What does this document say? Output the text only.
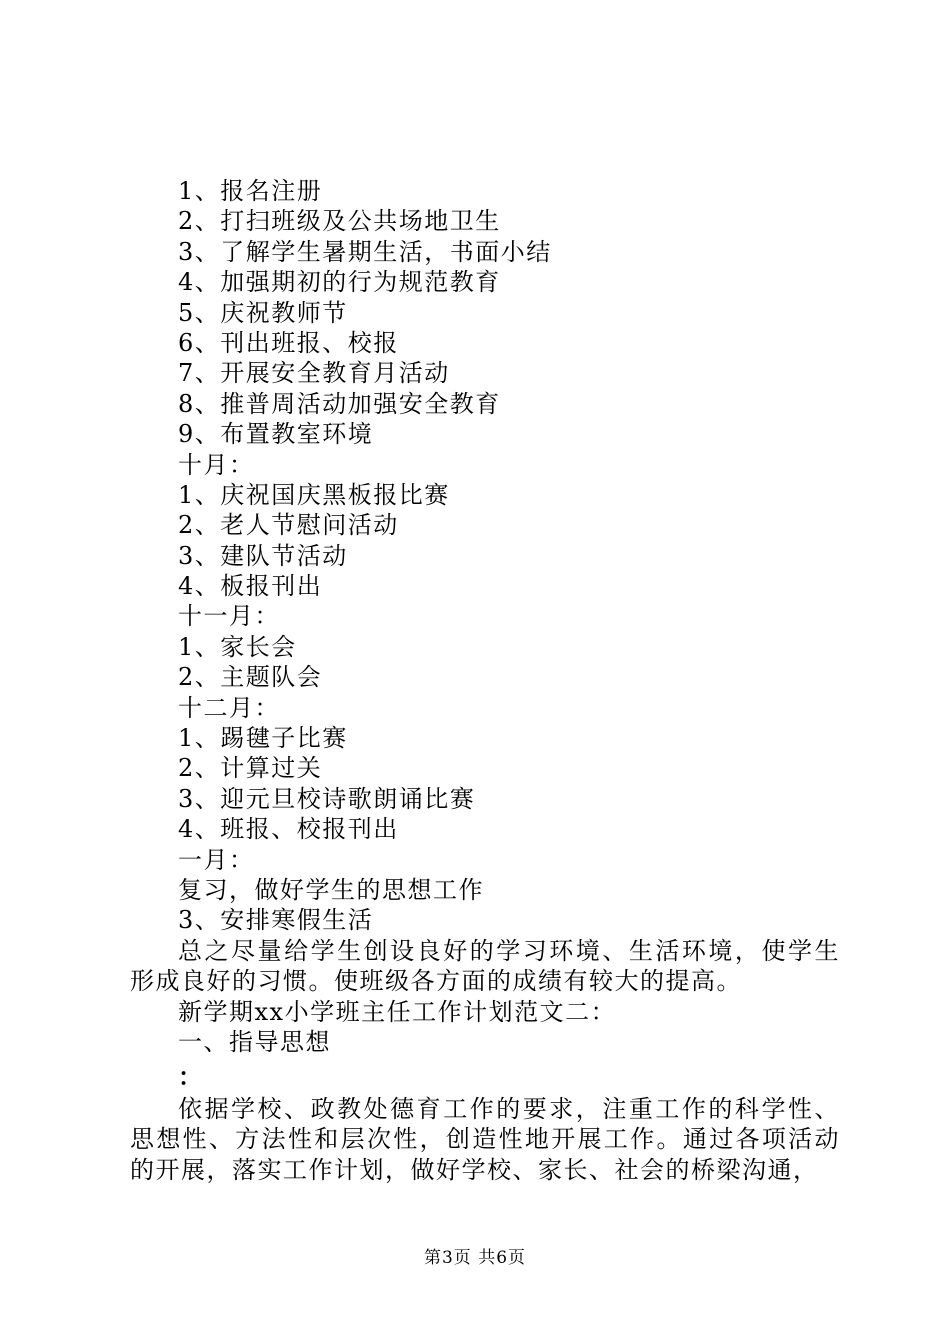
1、报名注册
2、打扫班级及公共场地卫生
3、了解学生暑期生活，书面小结
4、加强期初的行为规范教育
5、庆祝教师节
6、刊出班报、校报
7、开展安全教育月活动
8、推普周活动加强安全教育
9、布置教室环境
十月：
1、庆祝国庆黑板报比赛
2、老人节慰问活动
3、建队节活动
4、板报刊出
十一月：
1、家长会
2、主题队会
十二月：
1、踢毽子比赛
2、计算过关
3、迎元旦校诗歌朗诵比赛
4、班报、校报刊出
一月：
复习，做好学生的思想工作
3、安排寒假生活
总之尽量给学生创设良好的学习环境、生活环境，使学生形成良好的习惯。使班级各方面的成绩有较大的提高。
新学期xx小学班主任工作计划范文二：
一、指导思想
：
依据学校、政教处德育工作的要求，注重工作的科学性、思想性、方法性和层次性，创造性地开展工作。通过各项活动的开展，落实工作计划，做好学校、家长、社会的桥梁沟通，
第3页 共6页
